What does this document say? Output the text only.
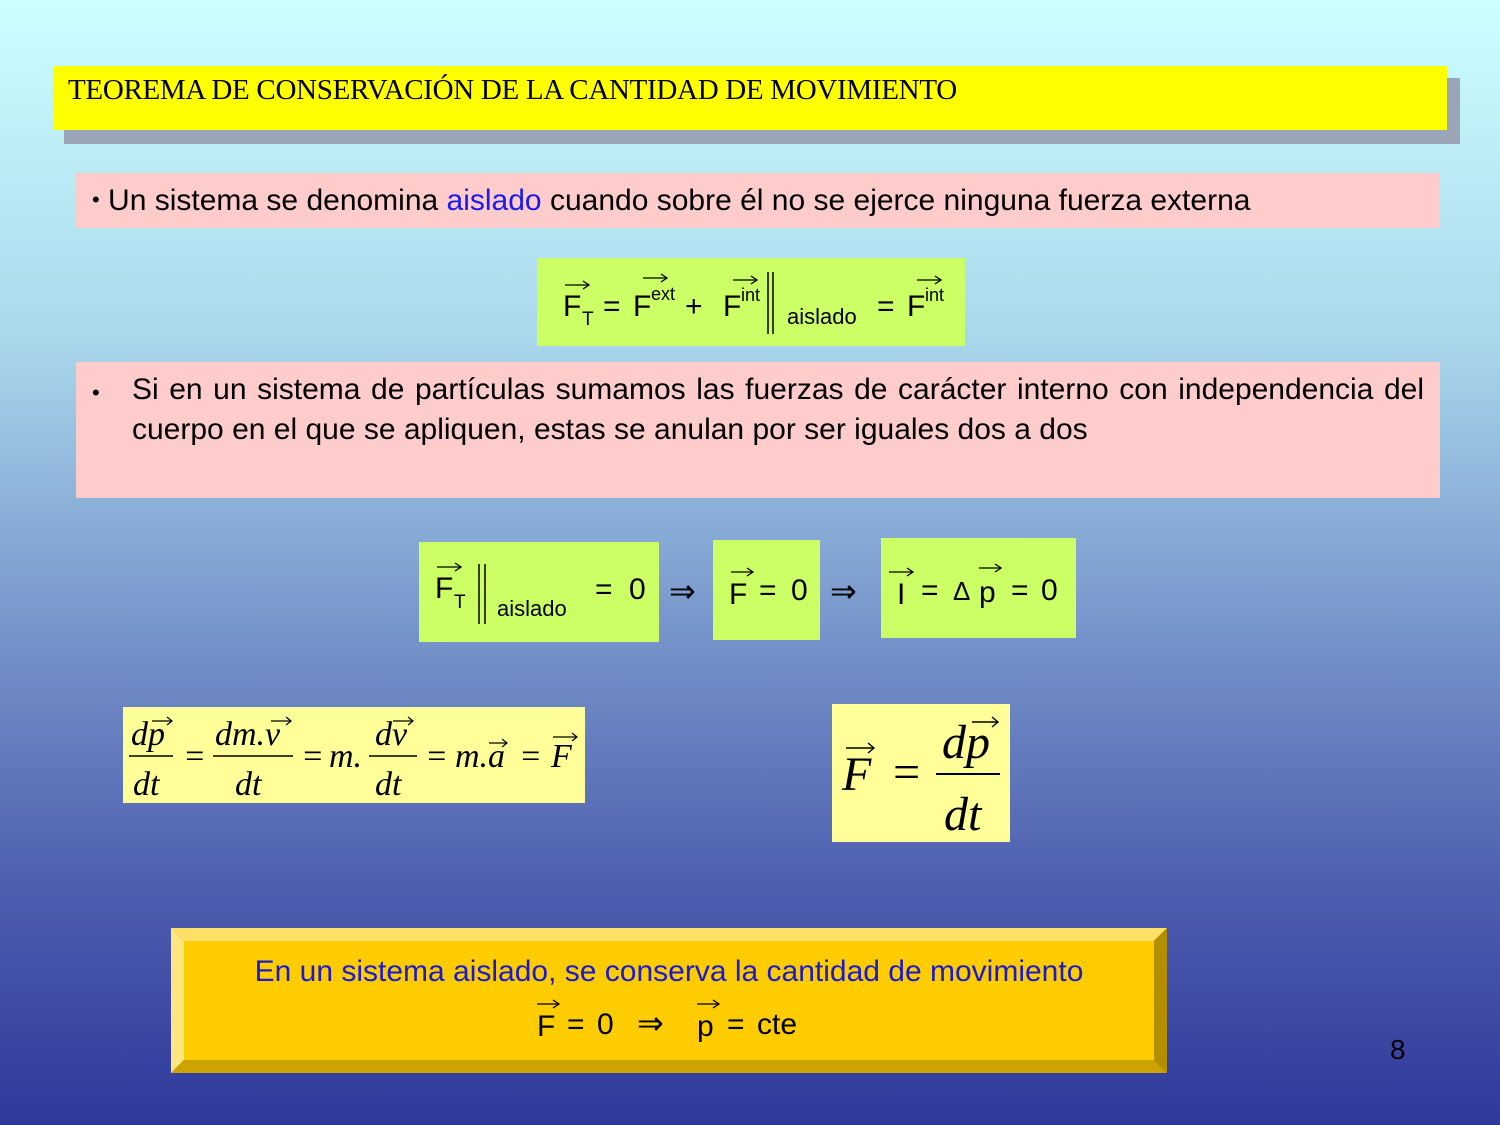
TEOREMA DE CONSERVACIÓN DE LA CANTIDAD DE MOVIMIENTO
• Un sistema se denomina aislado cuando sobre él no se ejerce ninguna fuerza externa
F T = F ext + F int
aislado = F int
• Si en un sistema de partículas sumamos las fuerzas de carácter interno con independencia del cuerpo en el que se apliquen, estas se anulan por ser iguales dos a dos
F T aislado
= 0 ⇒ F = 0 ⇒ I = Δ p = 0
dp
dt
=
dm.v
dt
= m.
dv
dt
= m.a = F	F =
dp
dt
F = 0 ⇒ p = cte
En un sistema aislado, se conserva la cantidad de movimiento
8
